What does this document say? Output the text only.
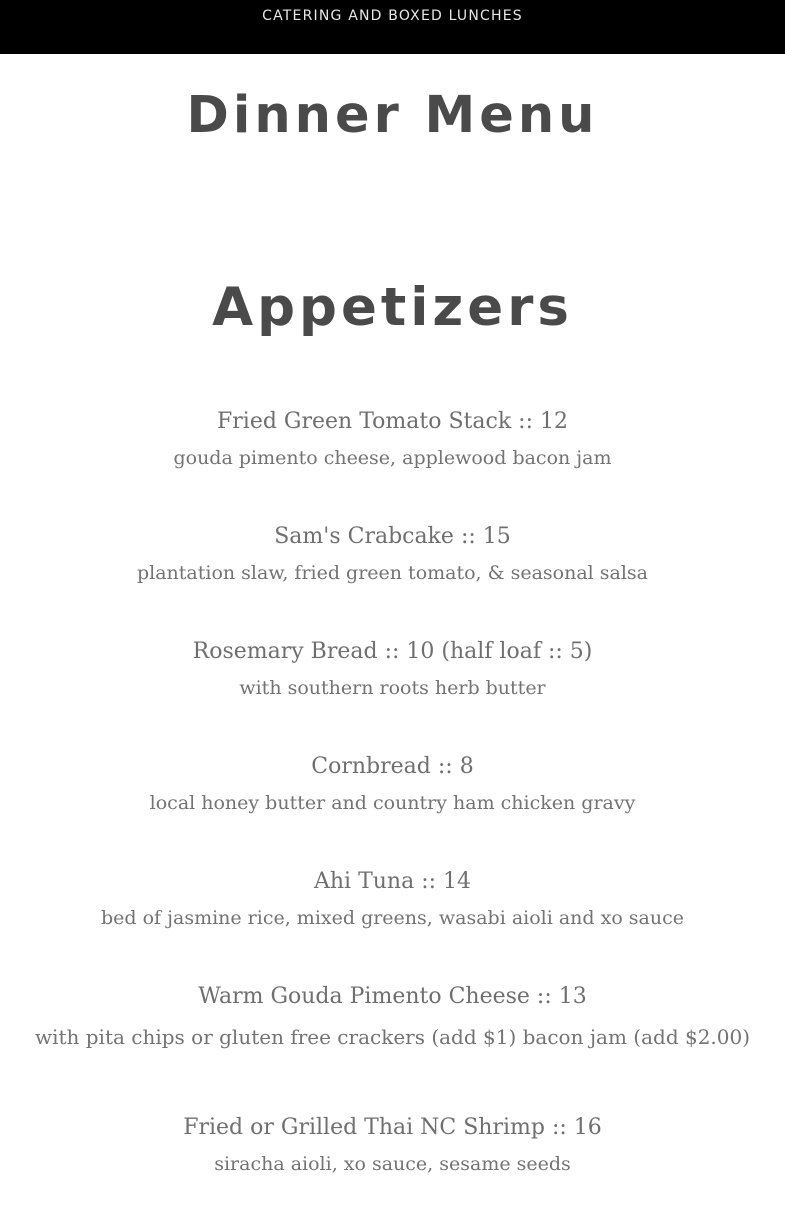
CATERING AND BOXED LUNCHES
Dinner Menu
Appetizers
Fried Green Tomato Stack :: 12
gouda pimento cheese, applewood bacon jam
Sam's Crabcake :: 15
plantation slaw, fried green tomato, & seasonal salsa
Rosemary Bread :: 10 (half loaf :: 5)
with southern roots herb butter
Cornbread :: 8
local honey butter and country ham chicken gravy
Ahi Tuna :: 14
bed of jasmine rice, mixed greens, wasabi aioli and xo sauce
Warm Gouda Pimento Cheese :: 13
with pita chips or gluten free crackers (add $1) bacon jam (add $2.00)
Fried or Grilled Thai NC Shrimp :: 16
siracha aioli, xo sauce, sesame seeds
